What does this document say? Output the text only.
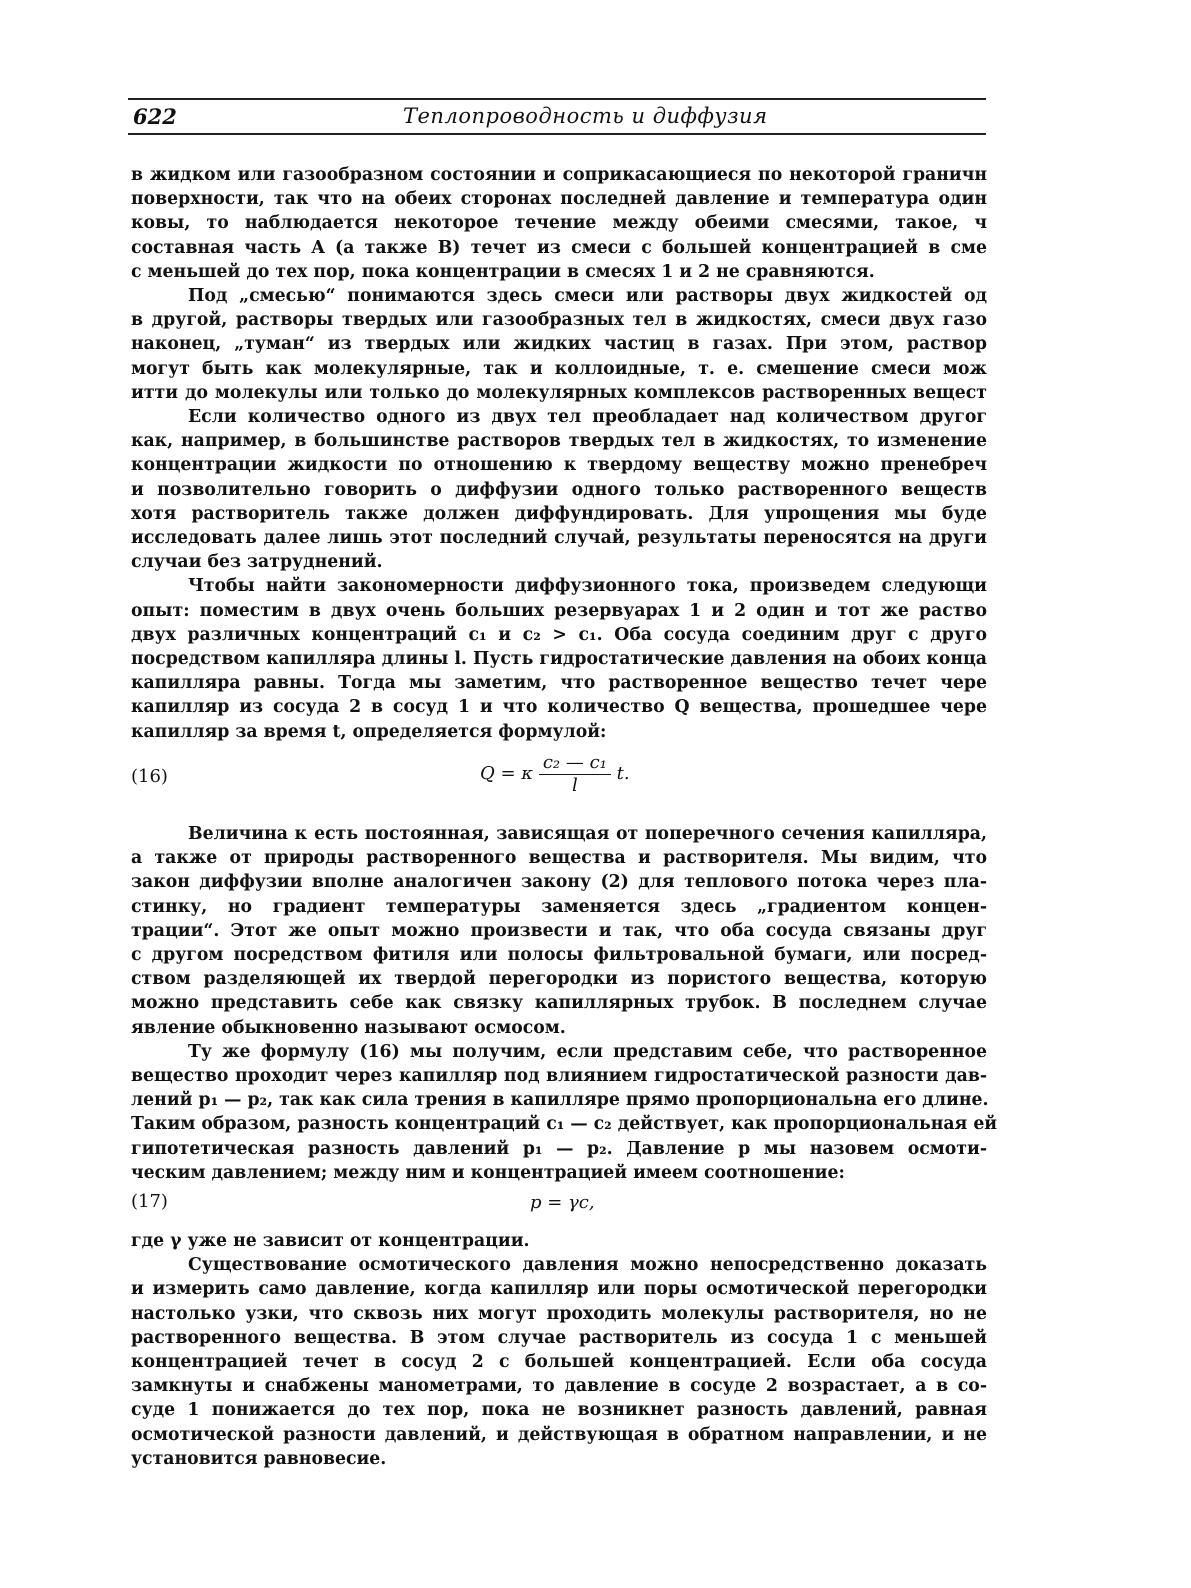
622	Теплопроводность и диффузия

в жидком или газообразном состоянии и соприкасающиеся по некоторой граничн
поверхности, так что на обеих сторонах последней давление и температура один
ковы, то наблюдается некоторое течение между обеими смесями, такое, ч
составная часть A (а также B) течет из смеси с большей концентрацией в сме
с меньшей до тех пор, пока концентрации в смесях 1 и 2 не сравняются.

Под „смесью“ понимаются здесь смеси или растворы двух жидкостей од
в другой, растворы твердых или газообразных тел в жидкостях, смеси двух газо
наконец, „туман“ из твердых или жидких частиц в газах. При этом, раствор
могут быть как молекулярные, так и коллоидные, т. е. смешение смеси мож
итти до молекулы или только до молекулярных комплексов растворенных вещест

Если количество одного из двух тел преобладает над количеством другог
как, например, в большинстве растворов твердых тел в жидкостях, то изменение
концентрации жидкости по отношению к твердому веществу можно пренебреч
и позволительно говорить о диффузии одного только растворенного веществ
хотя растворитель также должен диффундировать. Для упрощения мы буде
исследовать далее лишь этот последний случай, результаты переносятся на други
случаи без затруднений.

Чтобы найти закономерности диффузионного тока, произведем следующи
опыт: поместим в двух очень больших резервуарах 1 и 2 один и тот же раство
двух различных концентраций c₁ и c₂ > c₁. Оба сосуда соединим друг с друго
посредством капилляра длины l. Пусть гидростатические давления на обоих конца
капилляра равны. Тогда мы заметим, что растворенное вещество течет чере
капилляр из сосуда 2 в сосуд 1 и что количество Q вещества, прошедшее чере
капилляр за время t, определяется формулой:

(16)	Q = κ $\frac{\text{c₂ — c₁}}{l} t$.

Величина κ есть постоянная, зависящая от поперечного сечения капилляра,
а также от природы растворенного вещества и растворителя. Мы видим, что
закон диффузии вполне аналогичен закону (2) для теплового потока через пла-
стинку, но градиент температуры заменяется здесь „градиентом концен-
трации“. Этот же опыт можно произвести и так, что оба сосуда связаны друг
с другом посредством фитиля или полосы фильтровальной бумаги, или посред-
ством разделяющей их твердой перегородки из пористого вещества, которую
можно представить себе как связку капиллярных трубок. В последнем случае
явление обыкновенно называют осмосом.

Ту же формулу (16) мы получим, если представим себе, что растворенное
вещество проходит через капилляр под влиянием гидростатической разности дав-
лений p₁ — p₂, так как сила трения в капилляре прямо пропорциональна его длине.
Таким образом, разность концентраций c₁ — c₂ действует, как пропорциональная ей
гипотетическая разность давлений p₁ — p₂. Давление p мы назовем осмоти-
ческим давлением; между ним и концентрацией имеем соотношение:

(17)	p = γc,

где γ уже не зависит от концентрации.

Существование осмотического давления можно непосредственно доказать
и измерить само давление, когда капилляр или поры осмотической перегородки
настолько узки, что сквозь них могут проходить молекулы растворителя, но не
растворенного вещества. В этом случае растворитель из сосуда 1 с меньшей
концентрацией течет в сосуд 2 с большей концентрацией. Если оба сосуда
замкнуты и снабжены манометрами, то давление в сосуде 2 возрастает, а в со-
суде 1 понижается до тех пор, пока не возникнет разность давлений, равная
осмотической разности давлений, и действующая в обратном направлении, и не
установится равновесие.
